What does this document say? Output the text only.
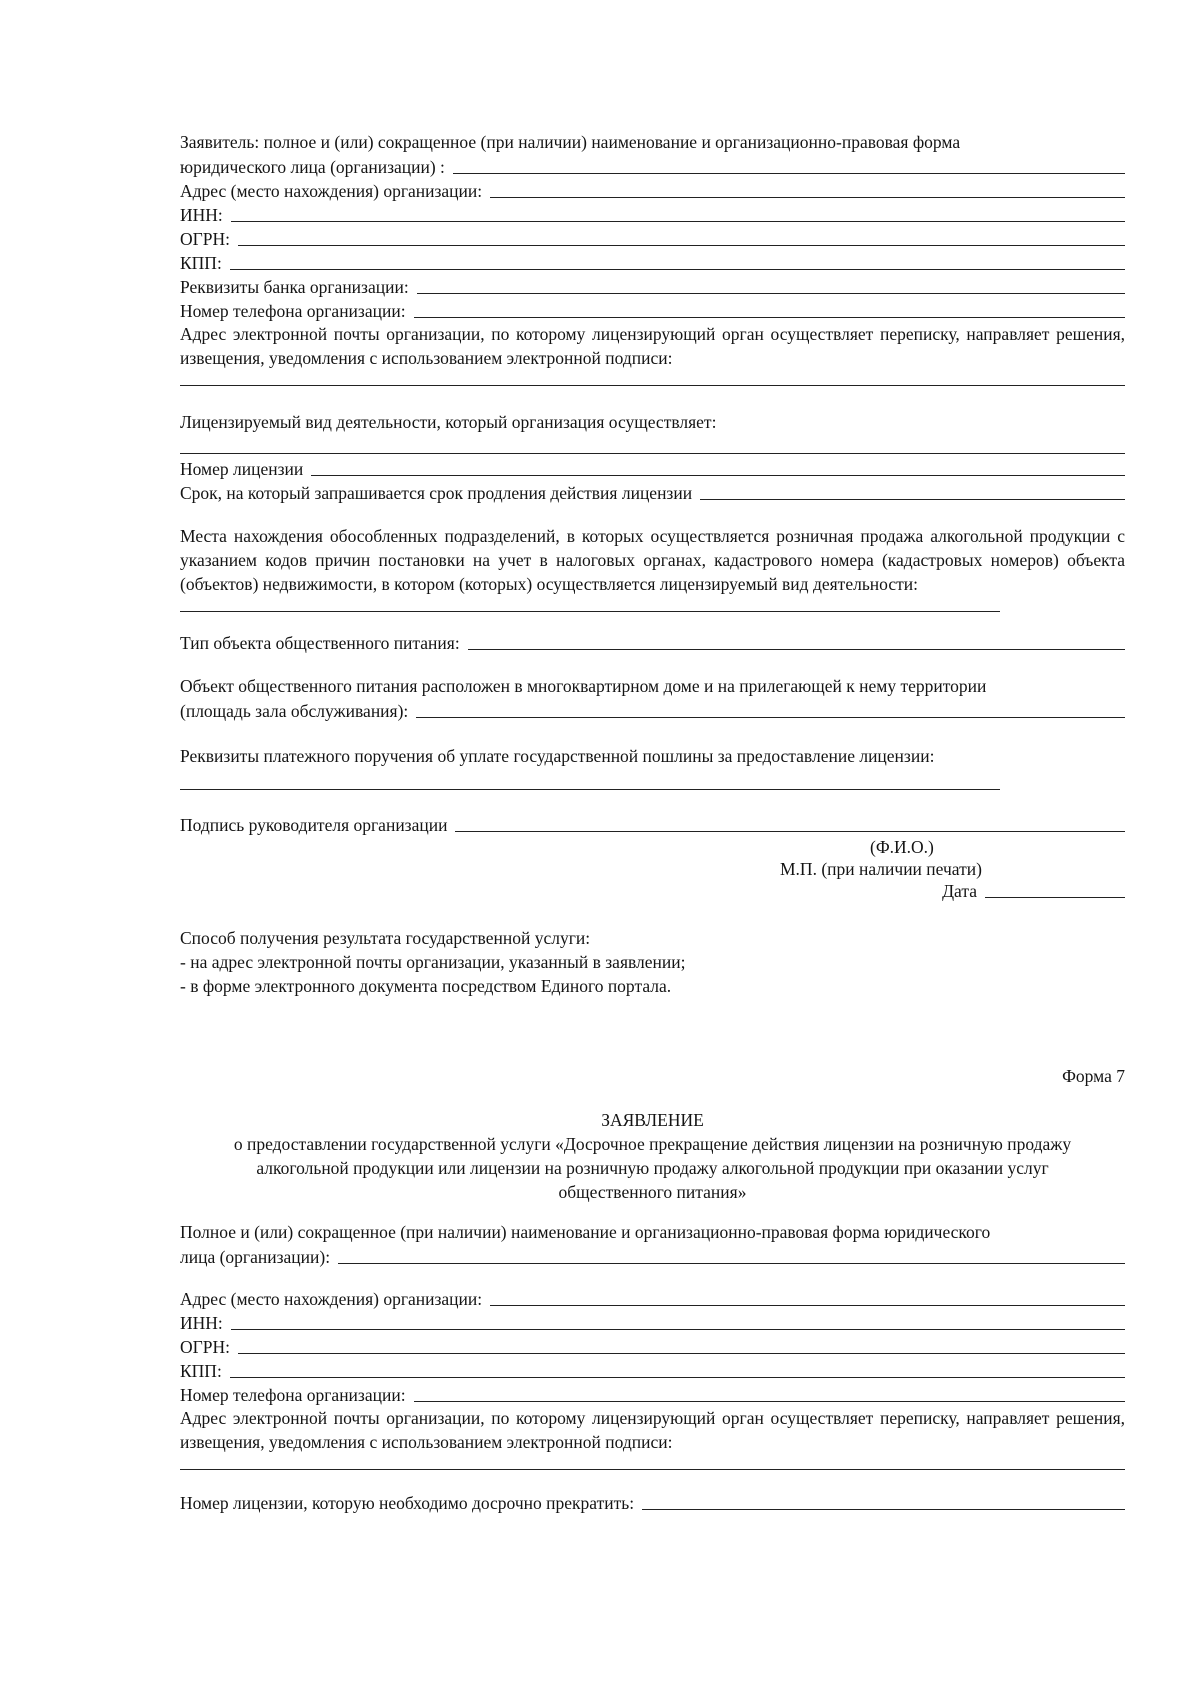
Заявитель: полное и (или) сокращенное (при наличии) наименование и организационно-правовая форма

юридического лица (организации) :
Адрес (место нахождения) организации:
ИНН:
ОГРН:
КПП:
Реквизиты банка организации:
Номер телефона организации:

Адрес электронной почты организации, по которому лицензирующий орган осуществляет переписку, направляет решения, извещения, уведомления с использованием электронной подписи:

Лицензируемый вид деятельности, который организация осуществляет:

Номер лицензии
Срок, на который запрашивается срок продления действия лицензии

Места нахождения обособленных подразделений, в которых осуществляется розничная продажа алкогольной продукции с указанием кодов причин постановки на учет в налоговых органах, кадастрового номера (кадастровых номеров) объекта (объектов) недвижимости, в котором (которых) осуществляется лицензируемый вид деятельности:

Тип объекта общественного питания:

Объект общественного питания расположен в многоквартирном доме и на прилегающей к нему территории

(площадь зала обслуживания):

Реквизиты платежного поручения об уплате государственной пошлины за предоставление лицензии:

Подпись руководителя организации

(Ф.И.О.)

М.П. (при наличии печати)

Дата

Способ получения результата государственной услуги:

- на адрес электронной почты организации, указанный в заявлении;

- в форме электронного документа посредством Единого портала.

Форма 7

ЗАЯВЛЕНИЕ

о предоставлении государственной услуги «Досрочное прекращение действия лицензии на розничную продажу алкогольной продукции или лицензии на розничную продажу алкогольной продукции при оказании услуг общественного питания»

Полное и (или) сокращенное (при наличии) наименование и организационно-правовая форма юридического

лица (организации):
Адрес (место нахождения) организации:
ИНН:
ОГРН:
КПП:
Номер телефона организации:

Адрес электронной почты организации, по которому лицензирующий орган осуществляет переписку, направляет решения, извещения, уведомления с использованием электронной подписи:

Номер лицензии, которую необходимо досрочно прекратить:
